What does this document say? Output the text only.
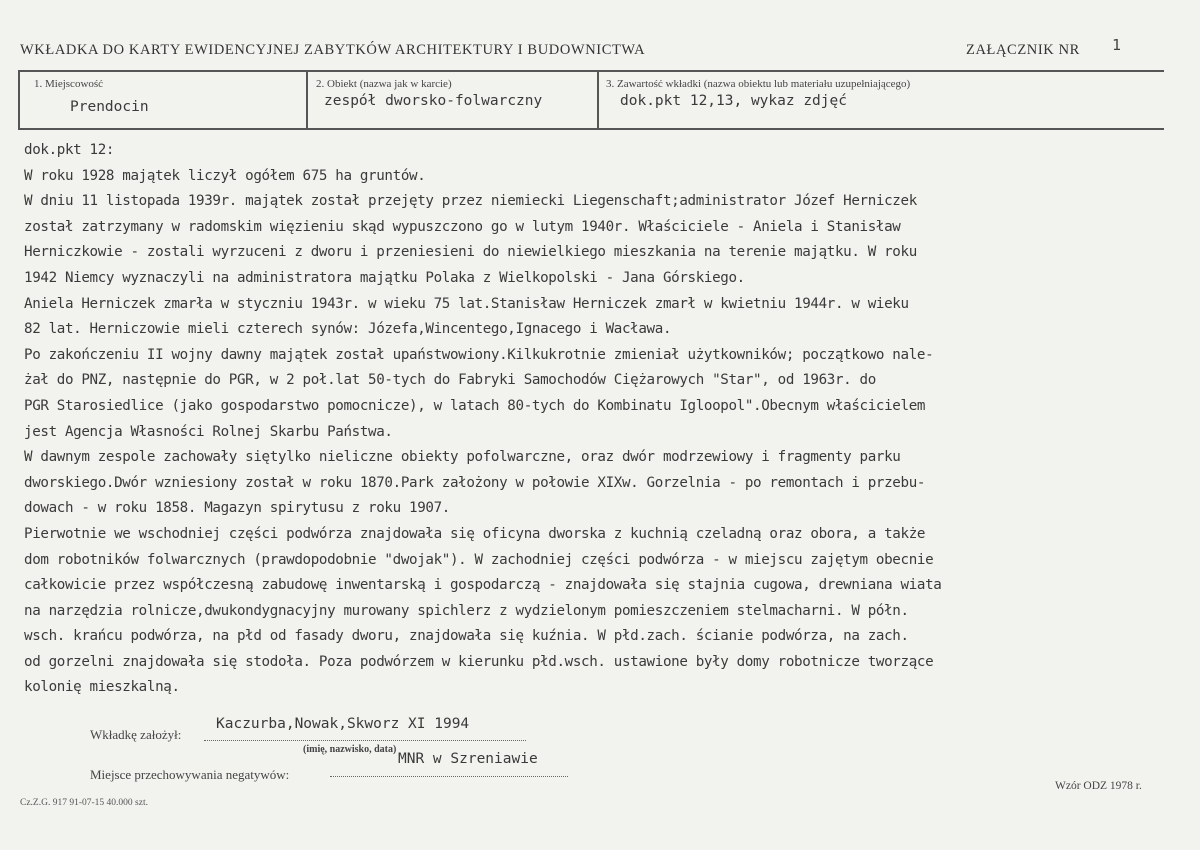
WKŁADKA DO KARTY EWIDENCYJNEJ ZABYTKÓW ARCHITEKTURY I BUDOWNICTWA	ZAŁĄCZNIK NR 1
1. Miejscowość
Prendocin
2. Obiekt (nazwa jak w karcie)
zespół dworsko-folwarczny
3. Zawartość wkładki (nazwa obiektu lub materiału uzupełniającego)
dok.pkt 12,13, wykaz zdjęć
dok.pkt 12:
W roku 1928 majątek liczył ogółem 675 ha gruntów.
W dniu 11 listopada 1939r. majątek został przejęty przez niemiecki Liegenschaft;administrator Józef Herniczek
został zatrzymany w radomskim więzieniu skąd wypuszczono go w lutym 1940r. Właściciele - Aniela i Stanisław
Herniczkowie - zostali wyrzuceni z dworu i przeniesieni do niewielkiego mieszkania na terenie majątku. W roku
1942 Niemcy wyznaczyli na administratora majątku Polaka z Wielkopolski - Jana Górskiego.
Aniela Herniczek zmarła w styczniu 1943r. w wieku 75 lat.Stanisław Herniczek zmarł w kwietniu 1944r. w wieku
82 lat. Herniczowie mieli czterech synów: Józefa,Wincentego,Ignacego i Wacława.
Po zakończeniu II wojny dawny majątek został upaństwowiony.Kilkukrotnie zmieniał użytkowników; początkowo nale-
żał do PNZ, następnie do PGR, w 2 poł.lat 50-tych do Fabryki Samochodów Ciężarowych "Star", od 1963r. do
PGR Starosiedlice (jako gospodarstwo pomocnicze), w latach 80-tych do Kombinatu Igloopol".Obecnym właścicielem
jest Agencja Własności Rolnej Skarbu Państwa.
W dawnym zespole zachowały siętylko nieliczne obiekty pofolwarczne, oraz dwór modrzewiowy i fragmenty parku
dworskiego.Dwór wzniesiony został w roku 1870.Park założony w połowie XIXw. Gorzelnia - po remontach i przebu-
dowach - w roku 1858. Magazyn spirytusu z roku 1907.
Pierwotnie we wschodniej części podwórza znajdowała się oficyna dworska z kuchnią czeladną oraz obora, a także
dom robotników folwarcznych (prawdopodobnie "dwojak"). W zachodniej części podwórza - w miejscu zajętym obecnie
całkowicie przez współczesną zabudowę inwentarską i gospodarczą - znajdowała się stajnia cugowa, drewniana wiata
na narzędzia rolnicze,dwukondygnacyjny murowany spichlerz z wydzielonym pomieszczeniem stelmacharni. W półn.
wsch. krańcu podwórza, na płd od fasady dworu, znajdowała się kuźnia. W płd.zach. ścianie podwórza, na zach.
od gorzelni znajdowała się stodoła. Poza podwórzem w kierunku płd.wsch. ustawione były domy robotnicze tworzące
kolonię mieszkalną.
Wkładkę założył:
Kaczurba,Nowak,Skworz XI 1994
(imię, nazwisko, data)
Miejsce przechowywania negatywów:
MNR w Szreniawie
Cz.Z.G. 917 91-07-15 40.000 szt.
Wzór ODZ 1978 r.
